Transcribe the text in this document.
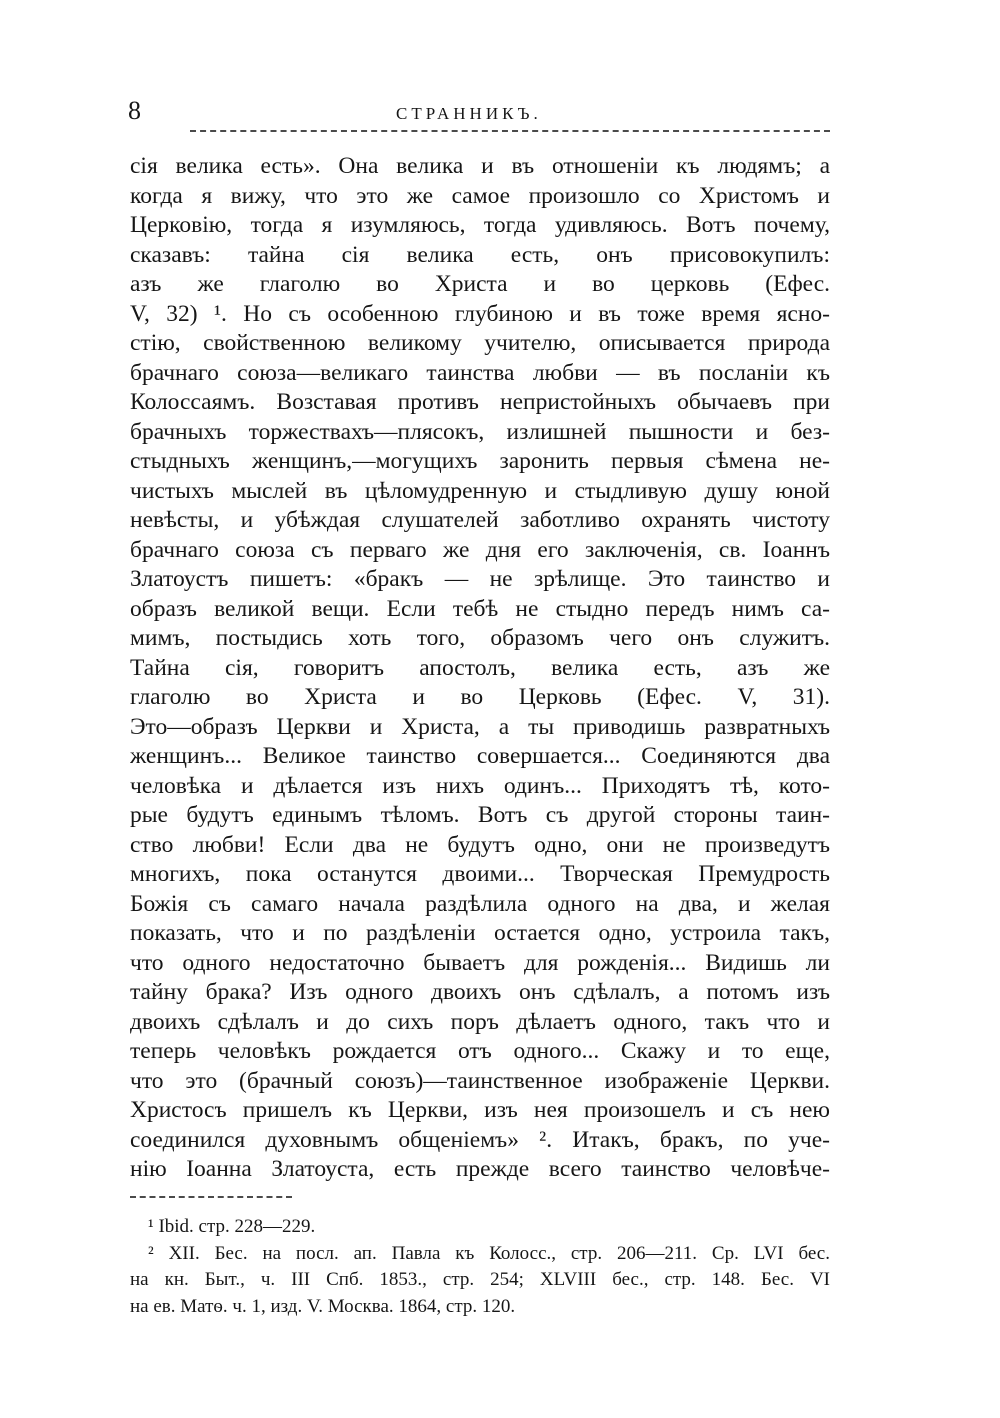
8	СТРАННИКЪ.
сія велика есть». Она велика и въ отношеніи къ людямъ; а
когда я вижу, что это же самое произошло со Христомъ и
Церковію, тогда я изумляюсь, тогда удивляюсь. Вотъ почему,
сказавъ: тайна сія велика есть, онъ присовокупилъ:
азъ же глаголю во Христа и во церковь (Ефес.
V, 32) ¹. Но съ особенною глубиною и въ тоже время ясно-
стію, свойственною великому учителю, описывается природа
брачнаго союза—великаго таинства любви — въ посланіи къ
Колоссаямъ. Возставая противъ непристойныхъ обычаевъ при
брачныхъ торжествахъ—плясокъ, излишней пышности и без-
стыдныхъ женщинъ,—могущихъ заронить первыя сѣмена не-
чистыхъ мыслей въ цѣломудренную и стыдливую душу юной
невѣсты, и убѣждая слушателей заботливо охранять чистоту
брачнаго союза съ перваго же дня его заключенія, св. Іоаннъ
Златоустъ пишетъ: «бракъ — не зрѣлище. Это таинство и
образъ великой вещи. Если тебѣ не стыдно передъ нимъ са-
мимъ, постыдись хоть того, образомъ чего онъ служитъ.
Тайна сія, говоритъ апостолъ, велика есть, азъ же
глаголю во Христа и во Церковь (Ефес. V, 31).
Это—образъ Церкви и Христа, а ты приводишь развратныхъ
женщинъ... Великое таинство совершается... Соединяются два
человѣка и дѣлается изъ нихъ одинъ... Приходятъ тѣ, кото-
рые будутъ единымъ тѣломъ. Вотъ съ другой стороны таин-
ство любви! Если два не будутъ одно, они не произведутъ
многихъ, пока останутся двоими... Творческая Премудрость
Божія съ самаго начала раздѣлила одного на два, и желая
показать, что и по раздѣленіи остается одно, устроила такъ,
что одного недостаточно бываетъ для рожденія... Видишь ли
тайну брака? Изъ одного двоихъ онъ сдѣлалъ, а потомъ изъ
двоихъ сдѣлалъ и до сихъ поръ дѣлаетъ одного, такъ что и
теперь человѣкъ рождается отъ одного... Скажу и то еще,
что это (брачный союзъ)—таинственное изображеніе Церкви.
Христосъ пришелъ къ Церкви, изъ нея произошелъ и съ нею
соединился духовнымъ общеніемъ» ². Итакъ, бракъ, по уче-
нію Іоанна Златоуста, есть прежде всего таинство человѣче-
¹ Ibid. стр. 228—229.
² XII. Бес. на посл. ап. Павла къ Колосс., стр. 206—211. Ср. LVI бес.
на кн. Быт., ч. III Спб. 1853., стр. 254; XLVIII бес., стр. 148. Бес. VI
на ев. Матѳ. ч. 1, изд. V. Москва. 1864, стр. 120.
